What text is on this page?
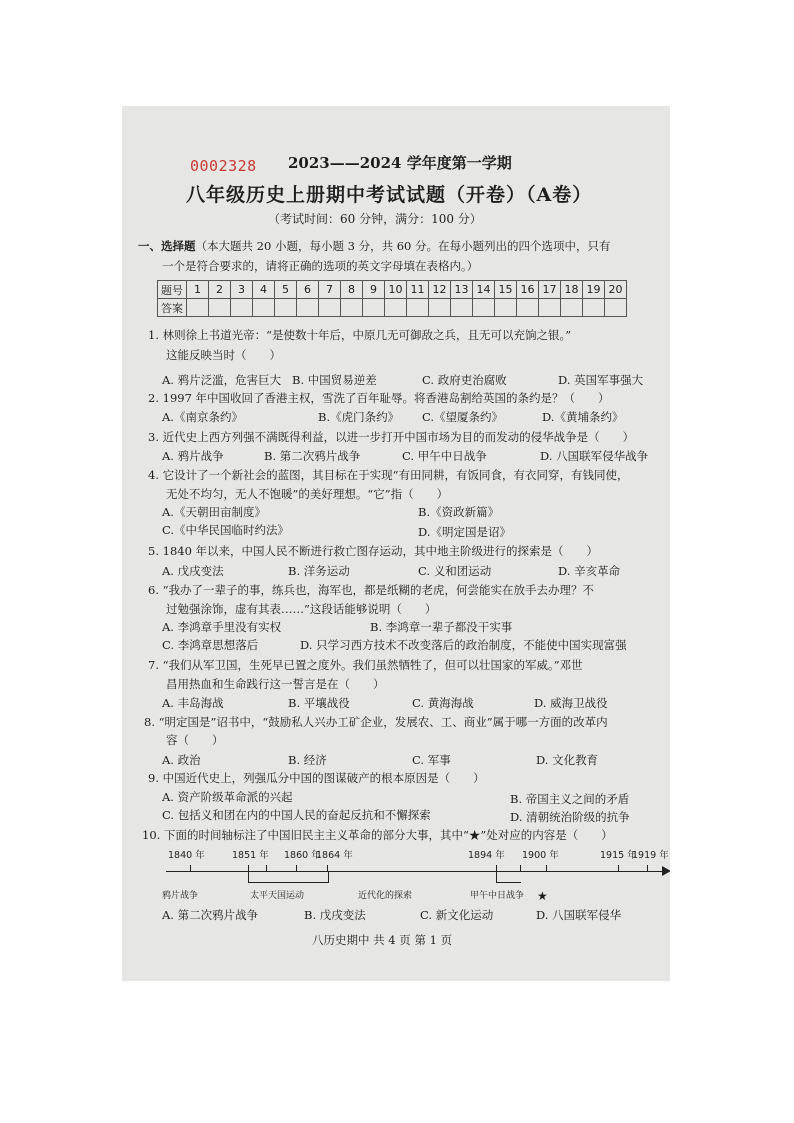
0002328 2023——2024 学年度第一学期
八年级历史上册期中考试试题（开卷）（A卷）
（考试时间：60 分钟，满分：100 分）
一、选择题（本大题共 20 小题，每小题 3 分，共 60 分。在每小题列出的四个选项中，只有
一个是符合要求的，请将正确的选项的英文字母填在表格内。）
题号	1	2	3	4	5	6	7	8	9	10	11	12	13	14	15	16	17	18	19	20
答案																				
1. 林则徐上书道光帝：“是使数十年后，中原几无可御敌之兵，且无可以充饷之银。”
这能反映当时（　　）
A. 鸦片泛滥，危害巨大 B. 中国贸易逆差	C. 政府吏治腐败	D. 英国军事强大
2. 1997 年中国收回了香港主权，雪洗了百年耻辱。将香港岛割给英国的条约是？（　　）
A.《南京条约》	B.《虎门条约》 C.《望厦条约》	D.《黄埔条约》
3. 近代史上西方列强不满既得利益，以进一步打开中国市场为目的而发动的侵华战争是（　　）
A. 鸦片战争	B. 第二次鸦片战争	C. 甲午中日战争	D. 八国联军侵华战争
4. 它设计了一个新社会的蓝图，其目标在于实现“有田同耕，有饭同食，有衣同穿，有钱同使，
无处不均匀，无人不饱暖”的美好理想。“它”指（　　）
A.《天朝田亩制度》	B.《资政新篇》
C.《中华民国临时约法》	D.《明定国是诏》
5. 1840 年以来，中国人民不断进行救亡图存运动，其中地主阶级进行的探索是（　　）
A. 戊戌变法	B. 洋务运动	C. 义和团运动	D. 辛亥革命
6. “我办了一辈子的事，练兵也，海军也，都是纸糊的老虎，何尝能实在放手去办理？不
过勉强涂饰，虚有其表……”这段话能够说明（　　）
A. 李鸿章手里没有实权	B. 李鸿章一辈子都没干实事
C. 李鸿章思想落后	D. 只学习西方技术不改变落后的政治制度，不能使中国实现富强
7. “我们从军卫国，生死早已置之度外。我们虽然牺牲了，但可以壮国家的军威。”邓世
昌用热血和生命践行这一誓言是在（　　）
A. 丰岛海战	B. 平壤战役	C. 黄海海战	D. 威海卫战役
8. “明定国是”诏书中，“鼓励私人兴办工矿企业，发展农、工、商业”属于哪一方面的改革内
容（　　）
A. 政治	B. 经济	C. 军事	D. 文化教育
9. 中国近代史上，列强瓜分中国的图谋破产的根本原因是（　　）
A. 资产阶级革命派的兴起	B. 帝国主义之间的矛盾
C. 包括义和团在内的中国人民的奋起反抗和不懈探索	D. 清朝统治阶级的抗争
10. 下面的时间轴标注了中国旧民主主义革命的部分大事，其中“★”处对应的内容是（　　）
1840 年	1851 年 1860 年
1864 年	1894 年 1900 年	1915 年
1919 年
鸦片战争	太平天国运动	近代化的探索	甲午中日战争 ★
A. 第二次鸦片战争	B. 戊戌变法	C. 新文化运动	D. 八国联军侵华
八历史期中 共 4 页 第 1 页
